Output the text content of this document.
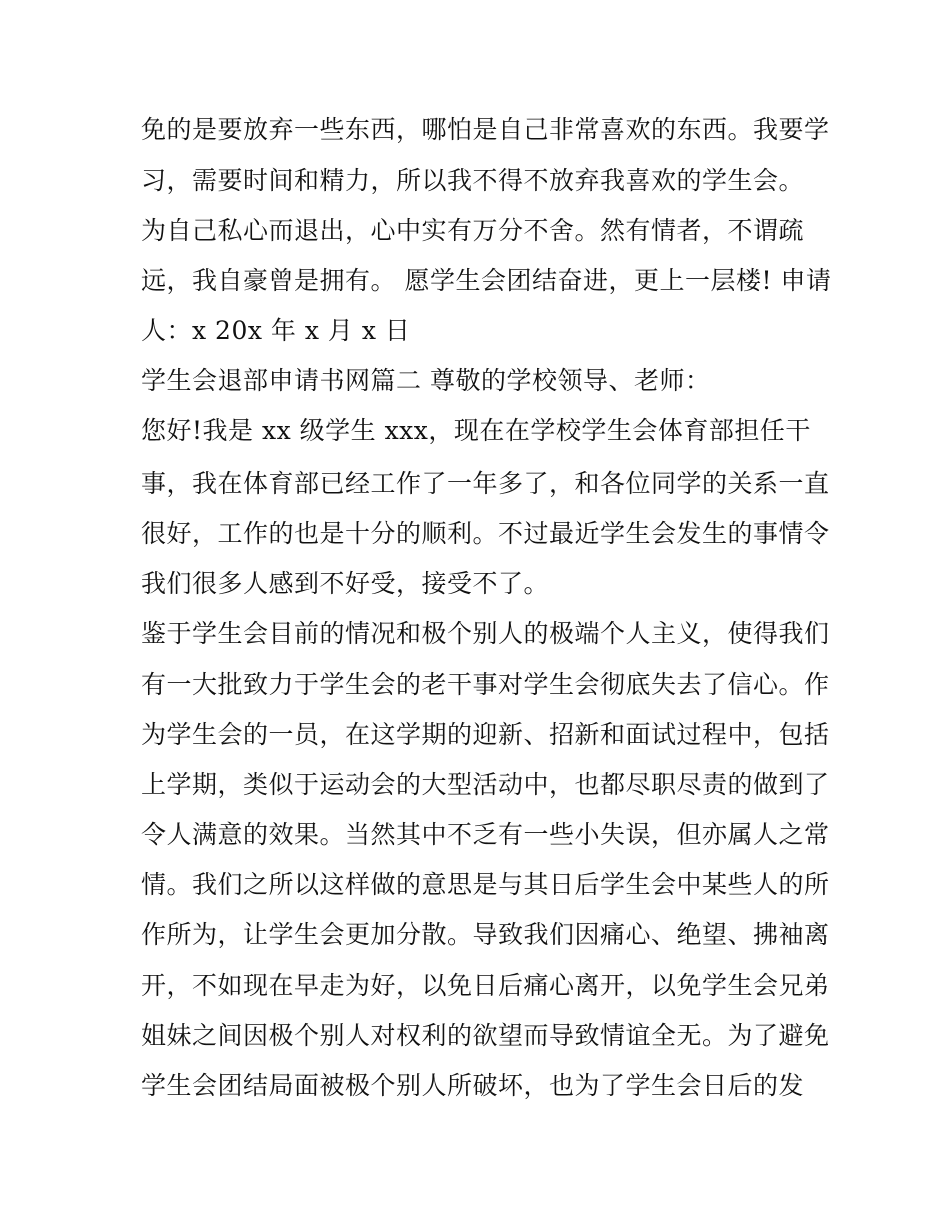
免的是要放弃一些东西，哪怕是自己非常喜欢的东西。我要学
习，需要时间和精力，所以我不得不放弃我喜欢的学生会。
为自己私心而退出，心中实有万分不舍。然有情者，不谓疏
远，我自豪曾是拥有。 愿学生会团结奋进，更上一层楼! 申请
人：x 20x 年 x 月 x 日
学生会退部申请书网篇二 尊敬的学校领导、老师：
您好!我是 xx 级学生 xxx，现在在学校学生会体育部担任干
事，我在体育部已经工作了一年多了，和各位同学的关系一直
很好，工作的也是十分的顺利。不过最近学生会发生的事情令
我们很多人感到不好受，接受不了。
鉴于学生会目前的情况和极个别人的极端个人主义，使得我们
有一大批致力于学生会的老干事对学生会彻底失去了信心。作
为学生会的一员，在这学期的迎新、招新和面试过程中，包括
上学期，类似于运动会的大型活动中，也都尽职尽责的做到了
令人满意的效果。当然其中不乏有一些小失误，但亦属人之常
情。我们之所以这样做的意思是与其日后学生会中某些人的所
作所为，让学生会更加分散。导致我们因痛心、绝望、拂袖离
开，不如现在早走为好，以免日后痛心离开，以免学生会兄弟
姐妹之间因极个别人对权利的欲望而导致情谊全无。为了避免
学生会团结局面被极个别人所破坏，也为了学生会日后的发
